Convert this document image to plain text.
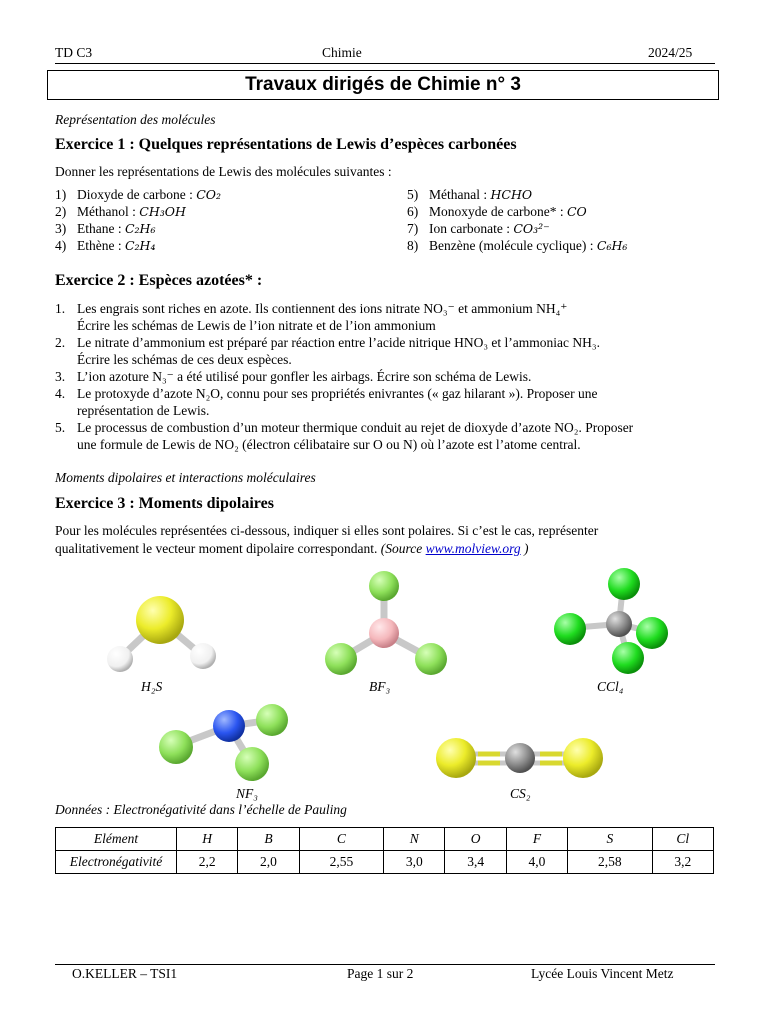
TD C3	Chimie	2024/25
Travaux dirigés de Chimie n° 3
Représentation des molécules
Exercice 1 : Quelques représentations de Lewis d’espèces carbonées
Donner les représentations de Lewis des molécules suivantes :
1) Dioxyde de carbone : CO₂
2) Méthanol : CH₃OH
3) Ethane : C₂H₆
4) Ethène : C₂H₄
5) Méthanal : HCHO
6) Monoxyde de carbone* : CO
7) Ion carbonate : CO₃²⁻
8) Benzène (molécule cyclique) : C₆H₆
Exercice 2 : Espèces azotées* :
1. Les engrais sont riches en azote. Ils contiennent des ions nitrate NO₃⁻ et ammonium NH₄⁺
Écrire les schémas de Lewis de l’ion nitrate et de l’ion ammonium
2. Le nitrate d’ammonium est préparé par réaction entre l’acide nitrique HNO₃ et l’ammoniac NH₃.
Écrire les schémas de ces deux espèces.
3. L’ion azoture N₃⁻ a été utilisé pour gonfler les airbags. Écrire son schéma de Lewis.
4. Le protoxyde d’azote N₂O, connu pour ses propriétés enivrantes (« gaz hilarant »). Proposer une
représentation de Lewis.
5. Le processus de combustion d’un moteur thermique conduit au rejet de dioxyde d’azote NO₂. Proposer
une formule de Lewis de NO₂ (électron célibataire sur O ou N) où l’azote est l’atome central.
Moments dipolaires et interactions moléculaires
Exercice 3 : Moments dipolaires
Pour les molécules représentées ci-dessous, indiquer si elles sont polaires. Si c’est le cas, représenter
qualitativement le vecteur moment dipolaire correspondant. (Source www.molview.org )
H₂S	BF₃	CCl₄
NF₃	CS₂
Données : Electronégativité dans l’échelle de Pauling
Elément	H	B	C	N	O	F	S	Cl
Electronégativité	2,2	2,0	2,55	3,0	3,4	4,0	2,58	3,2
O.KELLER – TSI1	Page 1 sur 2	Lycée Louis Vincent Metz
